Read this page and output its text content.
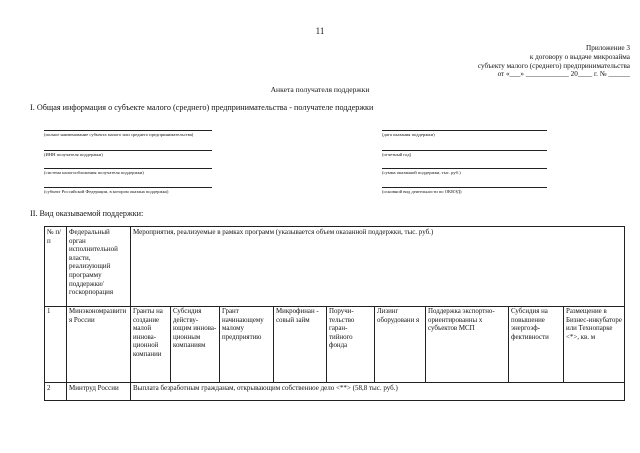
11
Приложение 3
к договору о выдаче микрозайма
субъекту малого (среднего) предпринимательства
от «___» ____________ 20____ г. № ______
Анкета получателя поддержки
I. Общая информация о субъекте малого (среднего) предпринимательства - получателе поддержки
(полное наименование субъекта малого или среднего предпринимательства)
(ИНН получателя поддержки)
(система налогообложения получателя поддержки)
(субъект Российской Федерации, в котором оказана поддержка)
(дата оказания поддержки)
(отчетный год)
(сумма оказанной поддержки, тыс. руб.)
(основной вид деятельности по ОКВЭД)
II. Вид оказываемой поддержки:
№ п/п	Федеральный орган исполнительной власти, реализующий программу поддержки/ госкорпорация	Мероприятия, реализуемые в рамках программ (указывается объем оказанной поддержки, тыс. руб.)								
1	Минэкономразвития России	Гранты на создание малой иннова- ционной компании	Субсидия действу- ющим иннова- ционным компаниям	Грант начинающему малому предприятию	Микрофинан - совый займ	Поручи- тельство гаран- тийного фонда	Лизинг оборудовани я	Поддержка экспортно- ориентированны х субъектов МСП	Субсидия на повышение энергоэф- фективности	Размещение в Бизнес-инкубаторе или Технопарке <*>, кв. м
2	Минтруд России	Выплата безработным гражданам, открывающим собственное дело <**> (58,8 тыс. руб.)								
